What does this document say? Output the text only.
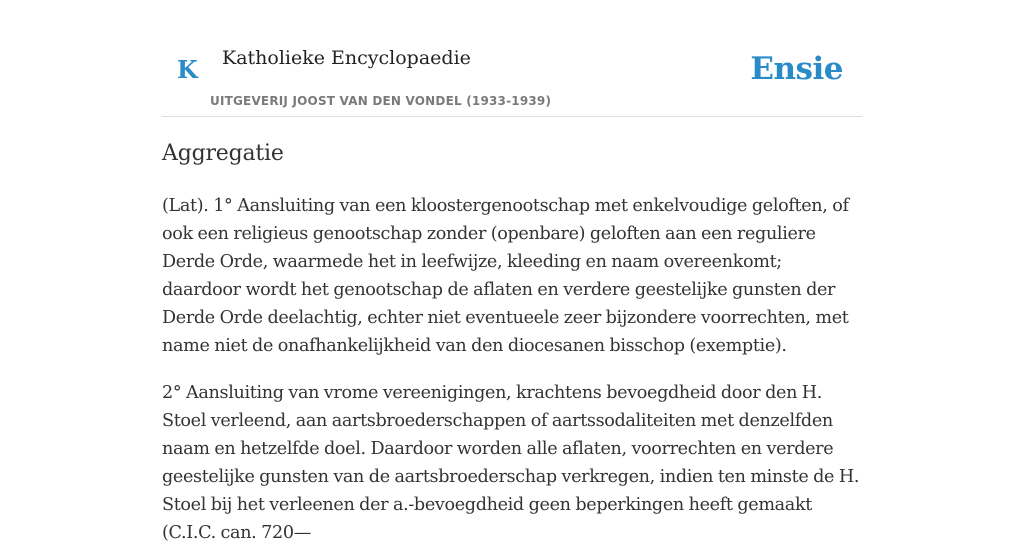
K Katholieke Encyclopaedie
UITGEVERIJ JOOST VAN DEN VONDEL (1933-1939)
Ensie
Aggregatie

(Lat). 1° Aansluiting van een kloostergenootschap met enkelvoudige geloften, of ook een religieus genootschap zonder (openbare) geloften aan een reguliere Derde Orde, waarmede het in leefwijze, kleeding en naam overeenkomt; daardoor wordt het genootschap de aflaten en verdere geestelijke gunsten der Derde Orde deelachtig, echter niet eventueele zeer bijzondere voorrechten, met name niet de onafhankelijkheid van den diocesanen bisschop (exemptie).

2° Aansluiting van vrome vereenigingen, krachtens bevoegdheid door den H. Stoel verleend, aan aartsbroederschappen of aartssodaliteiten met denzelfden naam en hetzelfde doel. Daardoor worden alle aflaten, voorrechten en verdere geestelijke gunsten van de aartsbroederschap verkregen, indien ten minste de H. Stoel bij het verleenen der a.-bevoegdheid geen beperkingen heeft gemaakt (C.I.C. can. 720—
